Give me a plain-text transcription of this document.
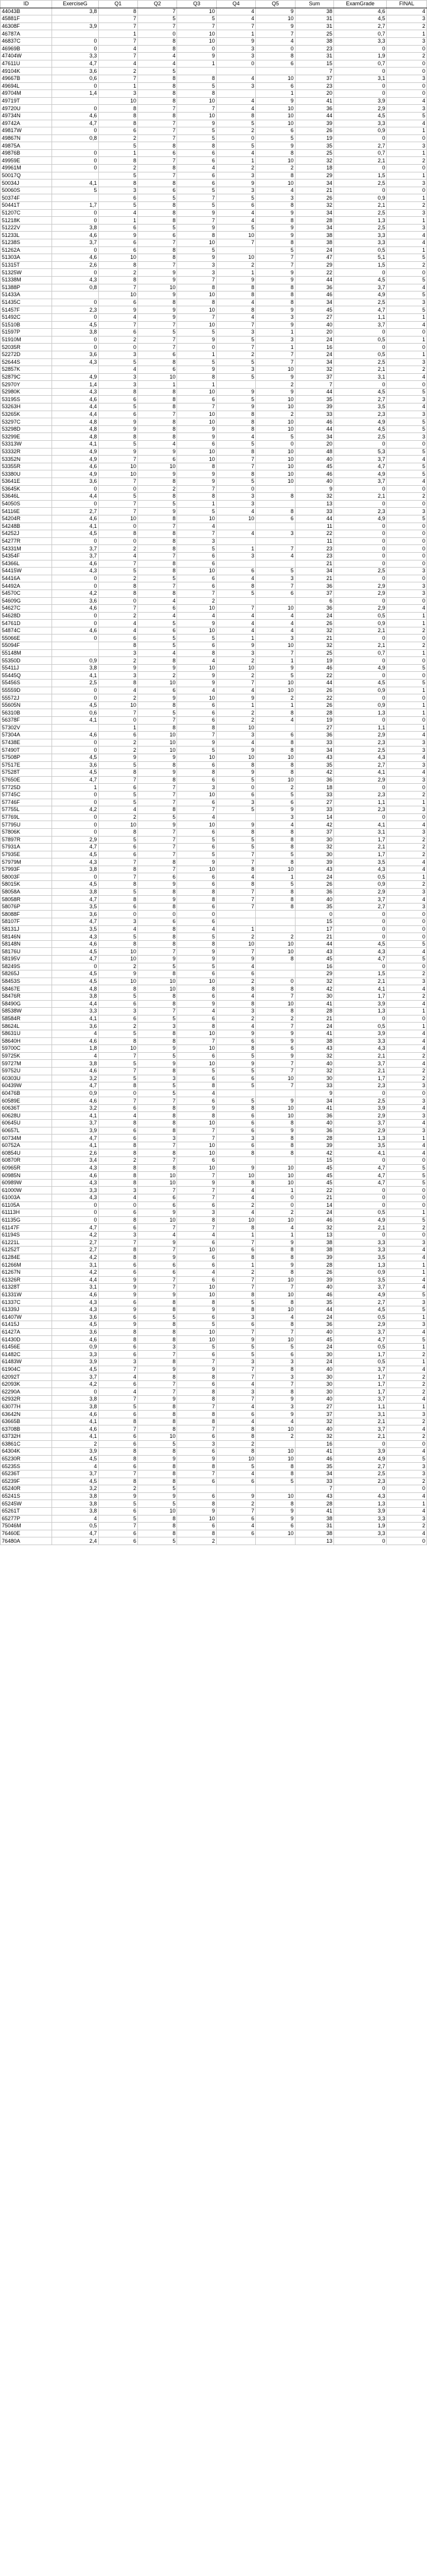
ID	ExerciseG	Q1	Q2	Q3	Q4	Q5	Sum	ExamGrade	FINAL
44043B	3,8	8	7	10	4	9	38	4,6	4
45881F		7	5	5	4	10	31	4,5	3
46308F	3,9	7	7	7	7	9	31	2,7	2
46787A		1	0	10	1	7	25	0,7	1
46837C	0	7	8	10	9	4	38	3,3	3
46969B	0	4	8	0	3	0	23	0	0
47404W	3,3	7	4	9	3	8	31	1,9	2
47611U	4,7	4	4	1	0	6	15	0,7	0
49104K	3,6	2	5				7	0	0
49667B	0,6	7	8	8	4	10	37	3,1	3
49694L	0	1	8	5	3	6	23	0	0
49704M	1,4	3	8	8		1	20	0	0
49719T		10	8	10	4	9	41	3,9	4
49720U	0	8	7	7	4	10	36	2,9	3
49734N	4,6	8	8	10	8	10	44	4,5	5
49742A	4,7	8	7	9	5	10	39	3,3	4
49817W	0	6	7	5	2	6	26	0,9	1
49867N	0,8	2	7	5	0	5	19	0	0
49875A		5	8	8	5	9	35	2,7	3
49876B	0	1	6	6	4	8	25	0,7	1
49959E	0	8	7	6	1	10	32	2,1	2
49961M	0	2	8	4	2	2	18	0	0
50017Q		5	7	6	3	8	29	1,5	1
50034J	4,1	8	8	6	9	10	34	2,5	3
50060S	5	3	6	5	3	4	21	0	0
50374F		6	5	7	5	3	26	0,9	1
50441T	1,7	5	8	5	6	8	32	2,1	2
51207C	0	4	8	9	4	9	34	2,5	3
51218K	0	1	8	7	4	8	28	1,3	1
51222V	3,8	6	5	9	5	9	34	2,5	3
51233L	4,6	9	6	8	10	9	38	3,3	4
51238S	3,7	6	7	10	7	8	38	3,3	4
51262A	0	6	8	5		5	24	0,5	1
51303A	4,6	10	8	9	10	7	47	5,1	5
51315T	2,6	8	7	3	2	7	29	1,5	2
51325W	0	2	9	3	1	9	22	0	0
51338M	4,3	8	9	7	9	9	44	4,5	5
51388P	0,8	7	10	8	8	8	36	3,7	4
51433A		10	9	10	8	8	46	4,9	5
51435C	0	6	8	8	4	8	34	2,5	3
51457F	2,3	9	9	10	8	9	45	4,7	5
51492C	0	4	9	7	4	3	27	1,1	1
51510B	4,5	7	7	10	7	9	40	3,7	4
51597P	3,8	6	5	5	3	1	20	0	0
51910M	0	2	7	9	5	3	24	0,5	1
52035R	0	0	7	0	7	1	16	0	0
52272D	3,6	3	6	1	2	7	24	0,5	1
52644S	4,3	5	8	5	5	7	34	2,5	3
52857K		4	6	9	3	10	32	2,1	2
52879C	4,9	3	10	8	5	9	37	3,1	4
52970Y	1,4	3	1	1		2	7	0	0
52980K	4,3	8	8	10	9	9	44	4,5	5
53195S	4,6	6	8	6	5	10	35	2,7	3
53263H	4,4	5	8	7	9	10	39	3,5	4
53265K	4,4	6	7	10	8	2	33	2,3	3
53297C	4,8	9	8	10	8	10	46	4,9	5
53298D	4,8	9	8	9	8	10	44	4,5	5
53299E	4,8	8	8	9	4	5	34	2,5	3
53313W	4,1	5	4	6	5	0	20	0	0
53332R	4,9	9	9	10	8	10	48	5,3	5
53352N	4,9	7	6	10	7	10	40	3,7	4
53355R	4,6	10	10	8	7	10	45	4,7	5
53380U	4,9	10	9	9	8	10	46	4,9	5
53641E	3,6	7	8	9	5	10	40	3,7	4
53645K	0	0	2	7	0		9	0	0
53646L	4,4	5	8	8	3	8	32	2,1	2
54050S	0	7	5	1	3		13	0	0
54116E	2,7	7	9	5	4	8	33	2,3	3
54204R	4,6	10	8	10	10	6	44	4,9	5
54248B	4,1	0	7	4			11	0	0
54252J	4,5	8	8	7	4	3	22	0	0
54277R	0	0	8	3			11	0	0
54331M	3,7	2	8	5	1	7	23	0	0
54354F	3,7	4	7	6	3	4	23	0	0
54366L	4,6	7	8	6			21	0	0
54415W	4,3	5	8	10	6	5	34	2,5	3
54416A	0	2	5	6	4	3	21	0	0
54492A	0	8	7	6	8	7	36	2,9	3
54570C	4,2	8	8	7	5	6	37	2,9	3
54609G	3,6	0	4	2			6	0	0
54627C	4,6	7	6	10	7	10	36	2,9	4
54628D	0	2	4	4	4	4	24	0,5	1
54761D	0	4	5	9	4	4	26	0,9	1
54874C	4,6	4	6	10	4	4	32	2,1	2
55066E	0	6	5	5	1	3	21	0	0
55094F		8	5	6	9	10	32	2,1	2
55148M		3	4	8	3	7	25	0,7	1
55350D	0,9	2	8	4	2	1	19	0	0
55411J	3,8	9	9	10	10	9	46	4,9	5
55445Q	4,1	3	2	9	2	5	22	0	0
55456S	2,5	8	10	9	7	10	44	4,5	5
55559D	0	4	6	4	4	10	26	0,9	1
55572J	0	2	9	10	9	2	22	0	0
55605N	4,5	10	8	6	1	1	26	0,9	1
56310B	0,6	7	5	6	2	8	28	1,3	1
56378F	4,1	0	7	6	2	4	19	0	0
57302V		1	8	8	10		27	1,1	1
57304A	4,6	6	10	7	3	6	36	2,9	4
57438E	0	2	10	9	4	8	33	2,3	3
57490T	0	2	10	5	9	8	34	2,5	3
57508P	4,5	9	9	10	10	10	43	4,3	4
57517E	3,6	5	8	6	8	8	35	2,7	3
57528T	4,5	8	9	8	9	8	42	4,1	4
57650E	4,7	7	8	6	5	10	36	2,9	3
57725D	1	6	7	3	0	2	18	0	0
57745C	0	5	7	10	6	5	33	2,3	2
57746F	0	5	7	6	3	6	27	1,1	1
57755L	4,2	4	8	7	5	9	33	2,3	3
57769L	0	2	5	4		3	14	0	0
57795U	0	10	9	10	9	4	42	4,1	4
57806K	0	8	7	6	8	8	37	3,1	3
57897R	2,9	5	7	5	5	8	30	1,7	2
57931A	4,7	6	7	6	5	8	32	2,1	2
57935E	4,5	6	7	5	7	5	30	1,7	2
57979M	4,3	7	8	9	7	8	39	3,5	4
57993F	3,8	8	7	10	8	10	43	4,3	4
58003F	0	7	6	6	4	1	24	0,5	1
58015K	4,5	8	9	6	8	5	26	0,9	2
58058A	3,8	5	8	8	7	8	36	2,9	3
58058R	4,7	8	9	8	7	8	40	3,7	4
58076P	3,5	6	8	6	7	8	35	2,7	3
58088F	3,6	0	0	0			0	0	0
58107F	4,7	3	6	6			15	0	0
58131J	3,5	4	8	4	1		17	0	0
58146N	4,3	5	8	5	2	2	21	0	0
58148N	4,6	8	8	8	10	10	44	4,5	5
58176U	4,5	10	7	9	7	10	43	4,3	4
58195V	4,7	10	9	9	9	8	45	4,7	5
58249S	0	2	5	5	4		16	0	0
58265J	4,5	9	8	6	6		29	1,5	2
58453S	4,5	10	10	10	2	0	32	2,1	3
58467E	4,8	8	10	8	8	8	42	4,1	4
58476R	3,8	5	8	6	4	7	30	1,7	2
58490G	4,4	6	8	9	8	10	41	3,9	4
58538W	3,3	3	7	4	3	8	28	1,3	1
58584R	4,1	6	5	6	2	2	21	0	0
58624L	3,6	2	3	8	4	7	24	0,5	1
58631U	4	5	8	10	9	9	41	3,9	4
58640H	4,6	8	8	7	6	9	38	3,3	4
59700C	1,8	10	9	10	8	6	43	4,3	4
59725K	4	7	5	6	5	9	32	2,1	2
59727M	3,8	5	9	10	9	7	40	3,7	4
59752U	4,6	7	8	5	5	7	32	2,1	2
60303U	3,2	5	3	6	6	10	30	1,7	2
60439W	4,7	8	5	8	5	7	33	2,3	3
60476B	0,9	0	5	4			9	0	0
60589E	4,6	7	7	6	5	9	34	2,5	3
60636T	3,2	6	8	9	8	10	41	3,9	4
60628U	4,1	4	8	8	6	10	36	2,9	3
60645U	3,7	8	8	10	6	8	40	3,7	4
60657L	3,9	6	8	7	6	9	36	2,9	3
60734M	4,7	6	3	7	3	8	28	1,3	1
60752A	4,1	8	7	10	6	8	39	3,5	4
60854U	2,6	8	8	10	8	8	42	4,1	4
60870R	3,4	2	7	6			15	0	0
60965R	4,3	8	8	10	9	10	45	4,7	5
60985N	4,6	8	10	7	10	10	45	4,7	5
60989W	4,3	8	10	9	8	10	45	4,7	5
61000W	3,3	3	7	7	4	1	22	0	0
61003A	4,3	4	6	7	4	0	21	0	0
61105A	0	0	6	6	2	0	14	0	0
61113H	0	6	9	3	4	2	24	0,5	1
61135G	0	8	10	8	10	10	46	4,9	5
61147F	4,7	6	7	7	8	4	32	2,1	2
61194S	4,2	3	4	4	1	1	13	0	0
61221L	2,7	7	9	6	7	9	38	3,3	3
61252T	2,7	8	7	10	6	8	38	3,3	4
61284E	4,2	8	9	6	8	8	39	3,5	4
61266M	3,1	6	6	6	1	9	28	1,3	1
61267N	4,2	6	6	4	2	8	26	0,9	1
61326R	4,4	9	7	6	7	10	39	3,5	4
61328T	3,1	9	7	10	7	7	40	3,7	4
61331W	4,6	9	9	10	8	10	46	4,9	5
61337C	4,3	6	8	8	5	8	35	2,7	3
61339J	4,3	9	8	9	8	10	44	4,5	5
61407W	3,6	6	5	6	3	4	24	0,5	1
61415J	4,5	9	8	5	6	8	36	2,9	3
61427A	3,6	8	8	10	7	7	40	3,7	4
61430D	4,6	8	8	10	9	10	45	4,7	5
61456E	0,9	6	3	5	5	5	24	0,5	1
61482C	3,3	6	7	6	5	6	30	1,7	2
61483W	3,9	3	8	7	3	3	24	0,5	1
61904C	4,5	7	9	9	7	8	40	3,7	4
62092T	3,7	4	8	8	7	3	30	1,7	2
62093K	4,2	6	7	6	4	7	30	1,7	2
62290A	0	4	7	8	3	8	30	1,7	2
62932R	3,8	7	9	8	7	9	40	3,7	4
63077H	3,8	5	8	7	4	3	27	1,1	1
63642N	4,6	6	8	8	6	9	37	3,1	3
63665B	4,1	8	8	8	4	4	32	2,1	2
63708B	4,6	7	8	7	8	10	40	3,7	4
63732H	4,1	6	10	6	8	2	32	2,1	2
63861C	2	6	5	3	2		16	0	0
64304K	3,9	8	8	6	8	10	41	3,9	4
65230R	4,5	8	9	9	10	10	46	4,9	5
65235S	4	6	8	8	5	8	35	2,7	3
65236T	3,7	7	8	7	4	8	34	2,5	3
65239F	4,5	8	8	6	6	5	33	2,3	2
65240R	3,2	2	5				7	0	0
65241S	3,8	9	9	6	9	10	43	4,3	4
65245W	3,8	5	5	8	2	8	28	1,3	1
65261T	3,8	6	10	9	7	9	41	3,9	4
65277P	4	5	8	10	6	9	38	3,3	3
75046M	0,5	7	8	6	4	6	31	1,9	2
76460E	4,7	6	8	8	6	10	38	3,3	4
76480A	2,4	6	5	2			13	0	0
